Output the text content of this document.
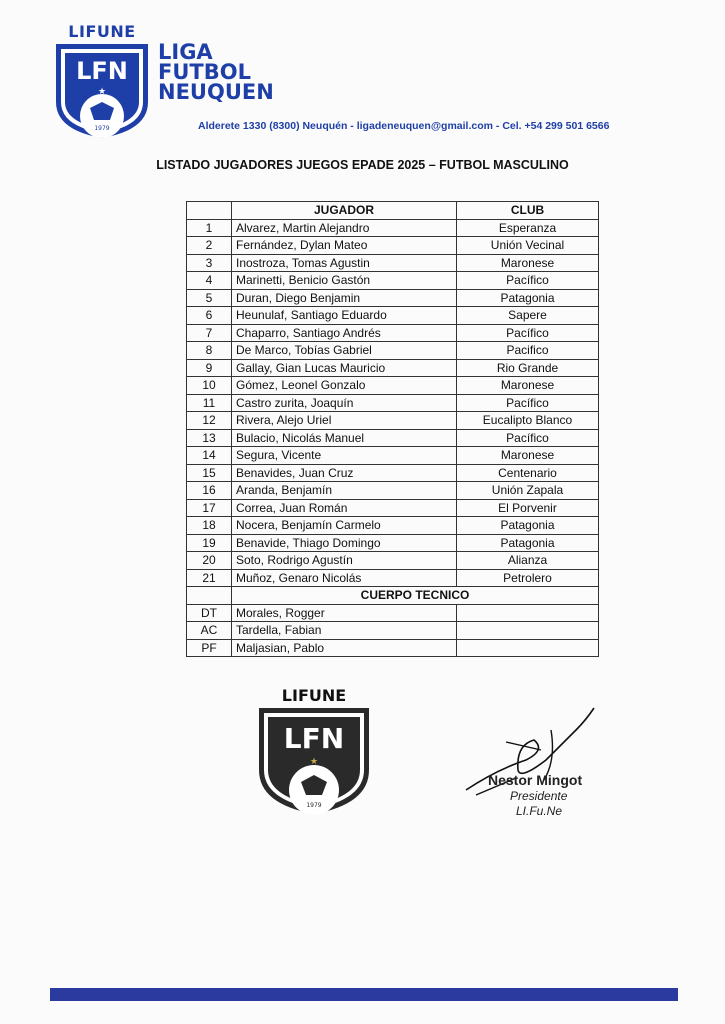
LIFUNE
LFN
★
1979
LIGA
FUTBOL
NEUQUEN
Alderete 1330 (8300) Neuquén - ligadeneuquen@gmail.com - Cel. +54 299 501 6566
LISTADO JUGADORES JUEGOS EPADE 2025 – FUTBOL MASCULINO
	JUGADOR	CLUB
1	Alvarez, Martin Alejandro	Esperanza
2	Fernández, Dylan Mateo	Unión Vecinal
3	Inostroza, Tomas Agustin	Maronese
4	Marinetti, Benicio Gastón	Pacífico
5	Duran, Diego Benjamin	Patagonia
6	Heunulaf, Santiago Eduardo	Sapere
7	Chaparro, Santiago Andrés	Pacífico
8	De Marco, Tobías Gabriel	Pacifico
9	Gallay, Gian Lucas Mauricio	Rio Grande
10	Gómez, Leonel Gonzalo	Maronese
11	Castro zurita, Joaquín	Pacífico
12	Rivera, Alejo Uriel	Eucalipto Blanco
13	Bulacio, Nicolás Manuel	Pacífico
14	Segura, Vicente	Maronese
15	Benavides, Juan Cruz	Centenario
16	Aranda, Benjamín	Unión Zapala
17	Correa, Juan Román	El Porvenir
18	Nocera, Benjamín Carmelo	Patagonia
19	Benavide, Thiago Domingo	Patagonia
20	Soto, Rodrigo Agustín	Alianza
21	Muñoz, Genaro Nicolás	Petrolero
	CUERPO TECNICO	
DT	Morales, Rogger	
AC	Tardella, Fabian	
PF	Maljasian, Pablo	
LIFUNE
LFN
★
1979
Nestor Mingot
Presidente
LI.Fu.Ne
